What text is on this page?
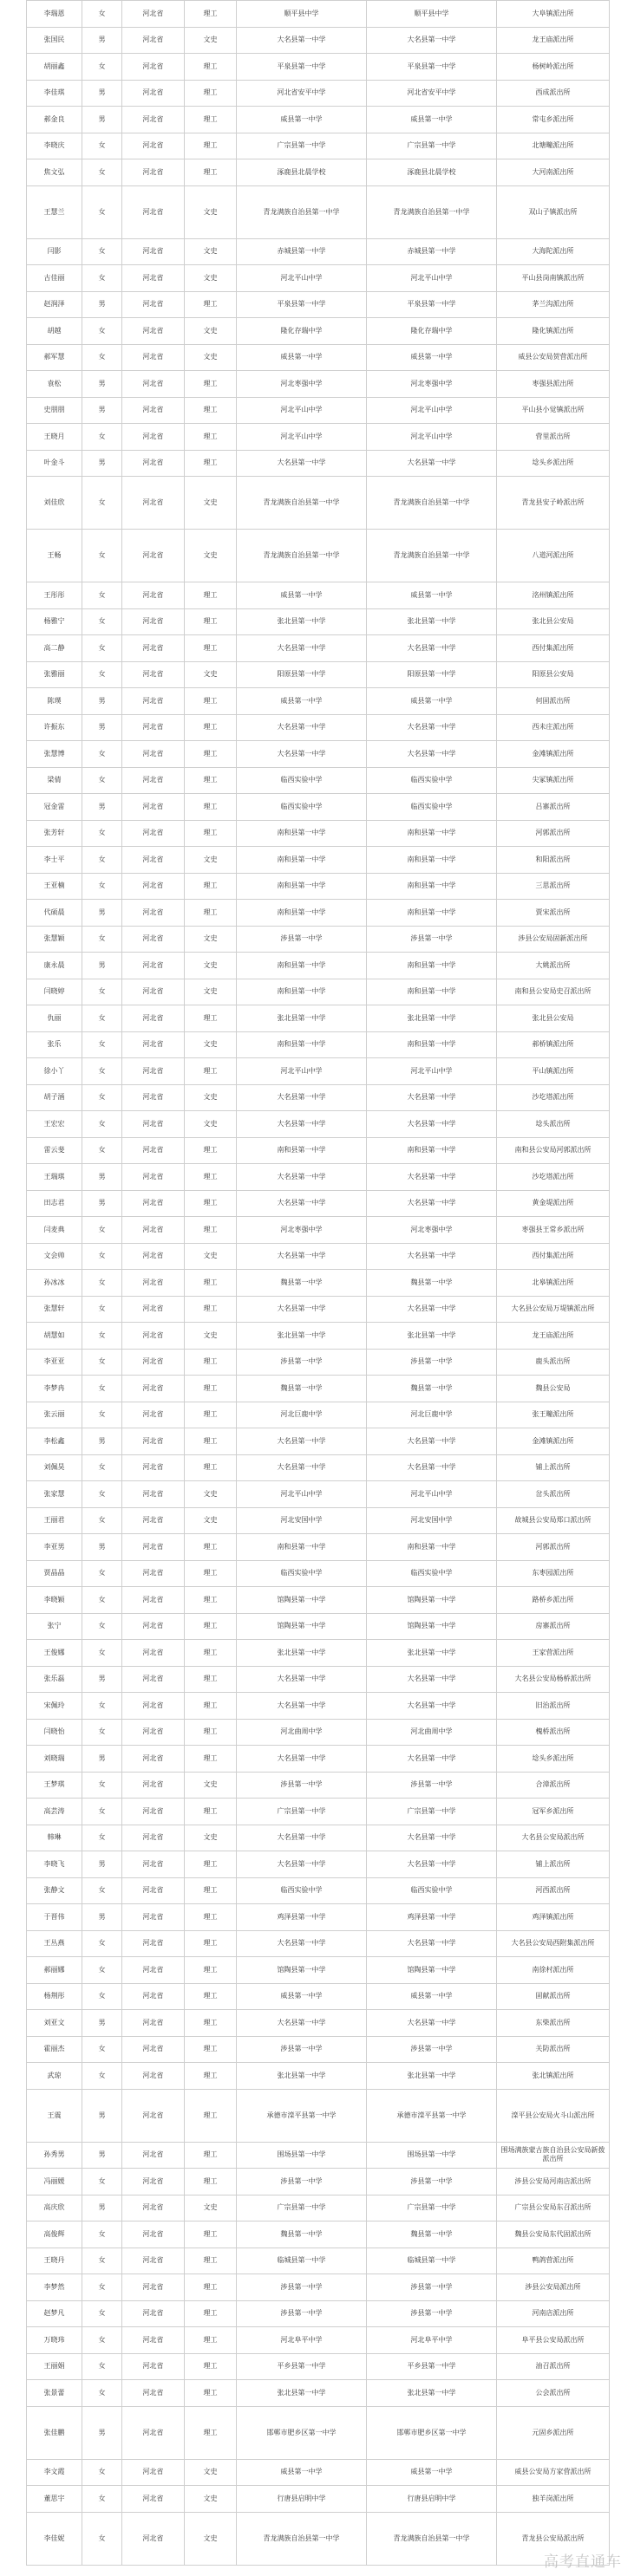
李瑞恩	女	河北省	理工	顺平县中学	顺平县中学	大阜镇派出所
张国民	男	河北省	文史	大名县第一中学	大名县第一中学	龙王庙派出所
胡丽鑫	女	河北省	理工	平泉县第一中学	平泉县第一中学	杨树岭派出所
李佳琪	男	河北省	理工	河北省安平中学	河北省安平中学	西成派出所
郝金良	男	河北省	理工	威县第一中学	威县第一中学	常屯乡派出所
李晓庆	女	河北省	理工	广宗县第一中学	广宗县第一中学	北塘疃派出所
焦文弘	女	河北省	理工	涿鹿县北晨学校	涿鹿县北晨学校	大河南派出所
王慧兰	女	河北省	文史	青龙满族自治县第一中学	青龙满族自治县第一中学	双山子镇派出所
闫影	女	河北省	文史	赤城县第一中学	赤城县第一中学	大海陀派出所
古佳丽	女	河北省	文史	河北平山中学	河北平山中学	平山县岗南镇派出所
赵润泽	男	河北省	理工	平泉县第一中学	平泉县第一中学	茅兰沟派出所
胡越	女	河北省	文史	隆化存瑞中学	隆化存瑞中学	隆化镇派出所
郝军慧	女	河北省	文史	威县第一中学	威县第一中学	威县公安局贺营派出所
袁松	男	河北省	理工	河北枣强中学	河北枣强中学	枣强县派出所
史朋朋	男	河北省	理工	河北平山中学	河北平山中学	平山县小觉镇派出所
王晓月	女	河北省	理工	河北平山中学	河北平山中学	营里派出所
叶金斗	男	河北省	理工	大名县第一中学	大名县第一中学	埝头乡派出所
刘佳欣	女	河北省	文史	青龙满族自治县第一中学	青龙满族自治县第一中学	青龙县安子岭派出所
王畅	女	河北省	文史	青龙满族自治县第一中学	青龙满族自治县第一中学	八道河派出所
王彤彤	女	河北省	理工	威县第一中学	威县第一中学	洺州镇派出所
杨雅宁	女	河北省	理工	张北县第一中学	张北县第一中学	张北县公安局
高二静	女	河北省	理工	大名县第一中学	大名县第一中学	西付集派出所
张雅丽	女	河北省	文史	阳原县第一中学	阳原县第一中学	阳原县公安局
陈璞	男	河北省	理工	威县第一中学	威县第一中学	何固派出所
许振东	男	河北省	理工	大名县第一中学	大名县第一中学	西未庄派出所
张慧博	女	河北省	理工	大名县第一中学	大名县第一中学	金滩镇派出所
梁倩	女	河北省	理工	临西实验中学	临西实验中学	尖冢镇派出所
冠金雷	男	河北省	理工	临西实验中学	临西实验中学	吕寨派出所
张芳轩	女	河北省	理工	南和县第一中学	南和县第一中学	河郭派出所
李士平	女	河北省	文史	南和县第一中学	南和县第一中学	和阳派出所
王亚楠	女	河北省	理工	南和县第一中学	南和县第一中学	三思派出所
代硕晨	男	河北省	理工	南和县第一中学	南和县第一中学	贾宋派出所
张慧颖	女	河北省	文史	涉县第一中学	涉县第一中学	涉县公安局固新派出所
康永晨	男	河北省	文史	南和县第一中学	南和县第一中学	大姚派出所
闫晓婷	女	河北省	文史	南和县第一中学	南和县第一中学	南和县公安局史召派出所
仇丽	女	河北省	理工	张北县第一中学	张北县第一中学	张北县公安局
张乐	女	河北省	文史	南和县第一中学	南和县第一中学	郝桥镇派出所
徐小丫	女	河北省	理工	河北平山中学	河北平山中学	平山镇派出所
胡子涵	女	河北省	文史	大名县第一中学	大名县第一中学	沙圪塔派出所
王宏宏	女	河北省	文史	大名县第一中学	大名县第一中学	埝头派出所
雷云斐	女	河北省	理工	南和县第一中学	南和县第一中学	南和县公安局河郭派出所
王瑞琪	男	河北省	理工	大名县第一中学	大名县第一中学	沙圪塔派出所
田志君	男	河北省	理工	大名县第一中学	大名县第一中学	黄金堤派出所
闫麦典	女	河北省	理工	河北枣强中学	河北枣强中学	枣强县王常乡派出所
文会帅	女	河北省	文史	大名县第一中学	大名县第一中学	西付集派出所
孙冰冰	女	河北省	理工	魏县第一中学	魏县第一中学	北皋镇派出所
张慧轩	女	河北省	理工	大名县第一中学	大名县第一中学	大名县公安局万堤镇派出所
胡慧如	女	河北省	文史	张北县第一中学	张北县第一中学	龙王庙派出所
李亚亚	女	河北省	理工	涉县第一中学	涉县第一中学	鹿头派出所
李梦冉	女	河北省	理工	魏县第一中学	魏县第一中学	魏县公安局
张云丽	女	河北省	理工	河北巨鹿中学	河北巨鹿中学	张王疃派出所
李松鑫	男	河北省	理工	大名县第一中学	大名县第一中学	金滩镇派出所
刘佩昊	女	河北省	理工	大名县第一中学	大名县第一中学	铺上派出所
张家慧	女	河北省	文史	河北平山中学	河北平山中学	岔头派出所
王丽君	女	河北省	文史	河北安国中学	河北安国中学	故城县公安局郑口派出所
李亚男	男	河北省	理工	南和县第一中学	南和县第一中学	河郭派出所
贾晶晶	女	河北省	理工	临西实验中学	临西实验中学	东枣园派出所
李晓颖	女	河北省	理工	馆陶县第一中学	馆陶县第一中学	路桥乡派出所
张宁	女	河北省	理工	馆陶县第一中学	馆陶县第一中学	房寨派出所
王俊娜	女	河北省	理工	张北县第一中学	张北县第一中学	王家营派出所
张乐磊	男	河北省	理工	大名县第一中学	大名县第一中学	大名县公安局杨桥派出所
宋佩玲	女	河北省	理工	大名县第一中学	大名县第一中学	旧治派出所
闫晓怡	女	河北省	理工	河北曲周中学	河北曲周中学	槐桥派出所
刘晓瑞	男	河北省	理工	大名县第一中学	大名县第一中学	埝头乡派出所
王梦琪	女	河北省	文史	涉县第一中学	涉县第一中学	合漳派出所
高芸涛	女	河北省	理工	广宗县第一中学	广宗县第一中学	冠军乡派出所
韩琳	女	河北省	文史	大名县第一中学	大名县第一中学	大名县公安局派出所
李晓飞	男	河北省	理工	大名县第一中学	大名县第一中学	铺上派出所
张静文	女	河北省	理工	临西实验中学	临西实验中学	河西派出所
于晋伟	男	河北省	理工	鸡泽县第一中学	鸡泽县第一中学	鸡泽镇派出所
王丛燕	女	河北省	理工	大名县第一中学	大名县第一中学	大名县公安局西附集派出所
郝丽娜	女	河北省	理工	馆陶县第一中学	馆陶县第一中学	南徐村派出所
杨荆彤	女	河北省	理工	威县第一中学	威县第一中学	固献派出所
刘亚文	男	河北省	理工	大名县第一中学	大名县第一中学	东柴派出所
霍丽杰	女	河北省	理工	涉县第一中学	涉县第一中学	关防派出所
武琼	女	河北省	理工	张北县第一中学	张北县第一中学	张北镇派出所
王震	男	河北省	理工	承德市滦平县第一中学	承德市滦平县第一中学	滦平县公安局火斗山派出所
孙秀男	男	河北省	理工	围场县第一中学	围场县第一中学	围场满族蒙古族自治县公安局新拨派出所
冯丽媛	女	河北省	理工	涉县第一中学	涉县第一中学	涉县公安局河南店派出所
高庆欣	男	河北省	文史	广宗县第一中学	广宗县第一中学	广宗县公安局东召派出所
高俊辉	女	河北省	理工	魏县第一中学	魏县第一中学	魏县公安局东代固派出所
王晓丹	女	河北省	理工	临城县第一中学	临城县第一中学	鸭鸽营派出所
李梦然	女	河北省	理工	涉县第一中学	涉县第一中学	涉县公安局派出所
赵梦凡	女	河北省	理工	涉县第一中学	涉县第一中学	河南店派出所
万晓玮	女	河北省	理工	河北阜平中学	河北阜平中学	阜平县公安局派出所
王丽娟	女	河北省	理工	平乡县第一中学	平乡县第一中学	油召派出所
张景蕾	女	河北省	理工	张北县第一中学	张北县第一中学	公会派出所
张佳鹏	男	河北省	理工	邯郸市肥乡区第一中学	邯郸市肥乡区第一中学	元固乡派出所
李文霞	女	河北省	文史	威县第一中学	威县第一中学	威县公安局方家营派出所
董思宇	女	河北省	文史	行唐县启明中学	行唐县启明中学	独羊岗派出所
李佳妮	女	河北省	文史	青龙满族自治县第一中学	青龙满族自治县第一中学	青龙县公安局派出所
高考直通车
